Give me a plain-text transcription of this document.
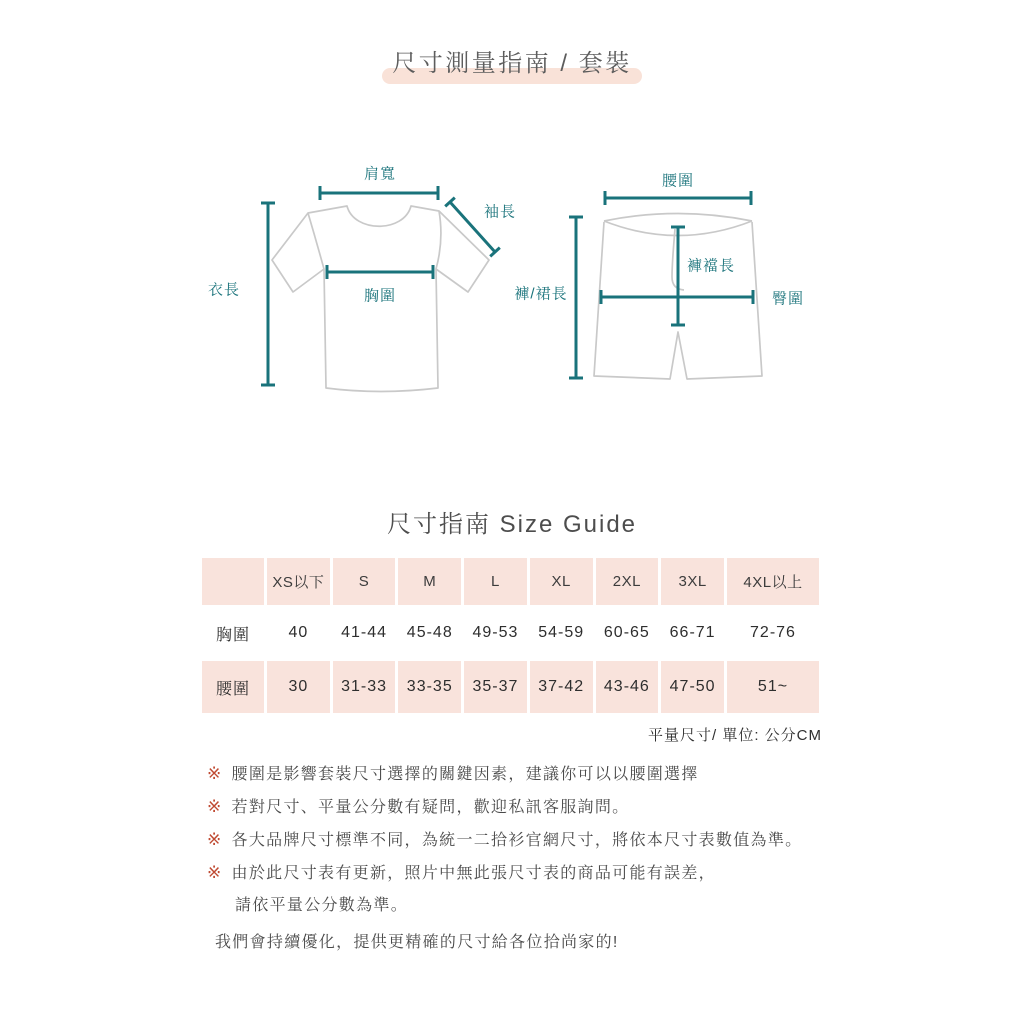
尺寸測量指南 / 套裝
肩寬
袖長
衣長	胸圍
腰圍
褲/裙長
褲襠長
臀圍
尺寸指南 Size Guide
	XS以下	S	M	L	XL	2XL	3XL	4XL以上
胸圍	40	41-44	45-48	49-53	54-59	60-65	66-71	72-76
腰圍	30	31-33	33-35	35-37	37-42	43-46	47-50	51~
平量尺寸/ 單位: 公分CM
※ 腰圍是影響套裝尺寸選擇的關鍵因素，建議你可以以腰圍選擇
※ 若對尺寸、平量公分數有疑問，歡迎私訊客服詢問。
※ 各大品牌尺寸標準不同，為統一二拾衫官網尺寸，將依本尺寸表數值為準。
※ 由於此尺寸表有更新，照片中無此張尺寸表的商品可能有誤差，
請依平量公分數為準。
我們會持續優化，提供更精確的尺寸給各位拾尚家的!
